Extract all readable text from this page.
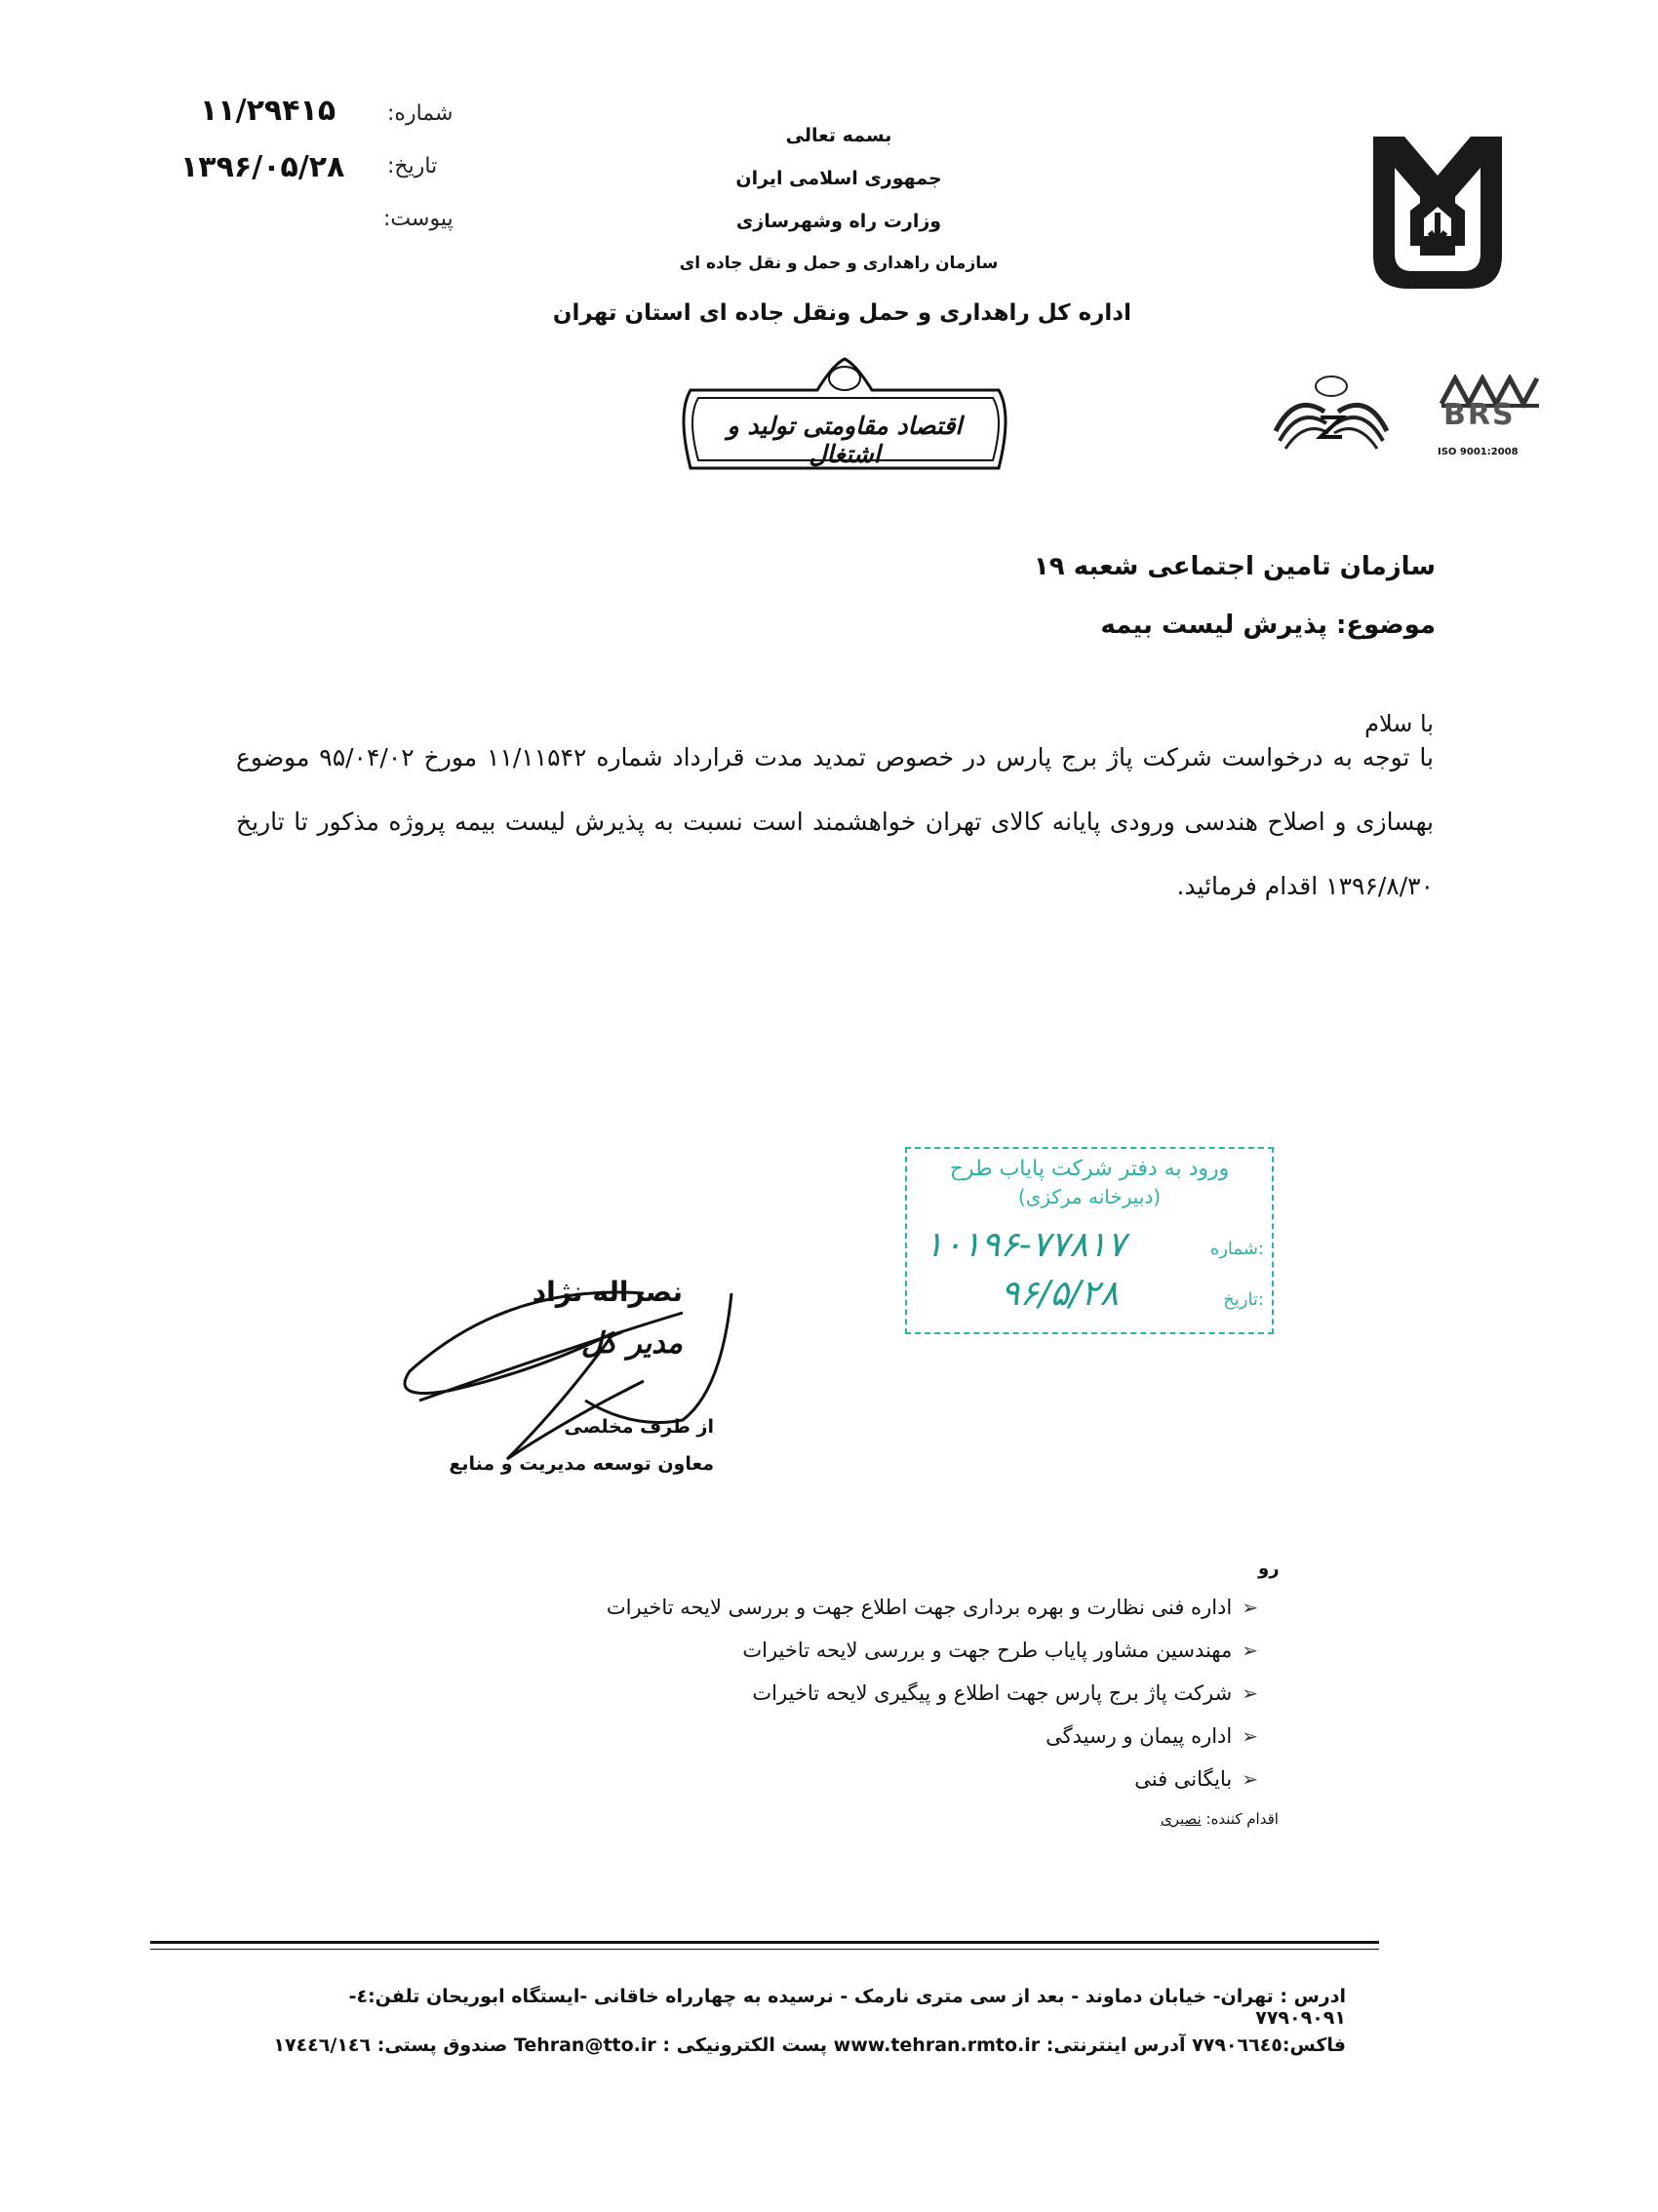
شماره:
۱۱/۲۹۴۱۵
تاریخ:
۱۳۹۶/۰۵/۲۸
پیوست:
بسمه تعالی
جمهوری اسلامی ایران
وزارت راه وشهرسازی
سازمان راهداری و حمل و نقل جاده ای
اداره کل راهداری و حمل ونقل جاده ای استان تهران
BRS
ISO 9001:2008
اقتصاد مقاومتی تولید و اشتغال
سازمان تامین اجتماعی شعبه ۱۹
موضوع: پذیرش لیست بیمه
با سلام
با توجه به درخواست شرکت پاژ برج پارس در خصوص تمدید مدت قرارداد شماره ۱۱/۱۱۵۴۲ مورخ ۹۵/۰۴/۰۲ موضوع بهسازی و اصلاح هندسی ورودی پایانه کالای تهران خواهشمند است نسبت به پذیرش لیست بیمه پروژه مذکور تا تاریخ ۱۳۹۶/۸/۳۰ اقدام فرمائید.
ورود به دفتر شرکت پایاب طرح
(دبیرخانه مرکزی)
شماره:
۱۰۱۹۶-۷۷۸۱۷
تاریخ:
۹۶/۵/۲۸
نصراله نژاد
مدیر کل
از طرف مخلصی
معاون توسعه مدیریت و منابع
رو
➢
اداره فنی نظارت و بهره برداری جهت اطلاع جهت و بررسی لایحه تاخیرات
➢
مهندسین مشاور پایاب طرح جهت و بررسی لایحه تاخیرات
➢
شرکت پاژ برج پارس جهت اطلاع و پیگیری لایحه تاخیرات
➢
اداره پیمان و رسیدگی
➢
بایگانی فنی
اقدام کننده: نصیری
ادرس : تهران- خیابان دماوند - بعد از سی متری نارمک - نرسیده به چهارراه خاقانی -ایستگاه ابوریحان تلفن:٤- ۷۷۹۰۹۰۹۱
فاکس:۷۷۹۰٦٦٤٥ آدرس اینترنتی: www.tehran.rmto.ir پست الکترونیکی : Tehran@tto.ir صندوق پستی: ۱۷٤٤٦/۱٤٦
